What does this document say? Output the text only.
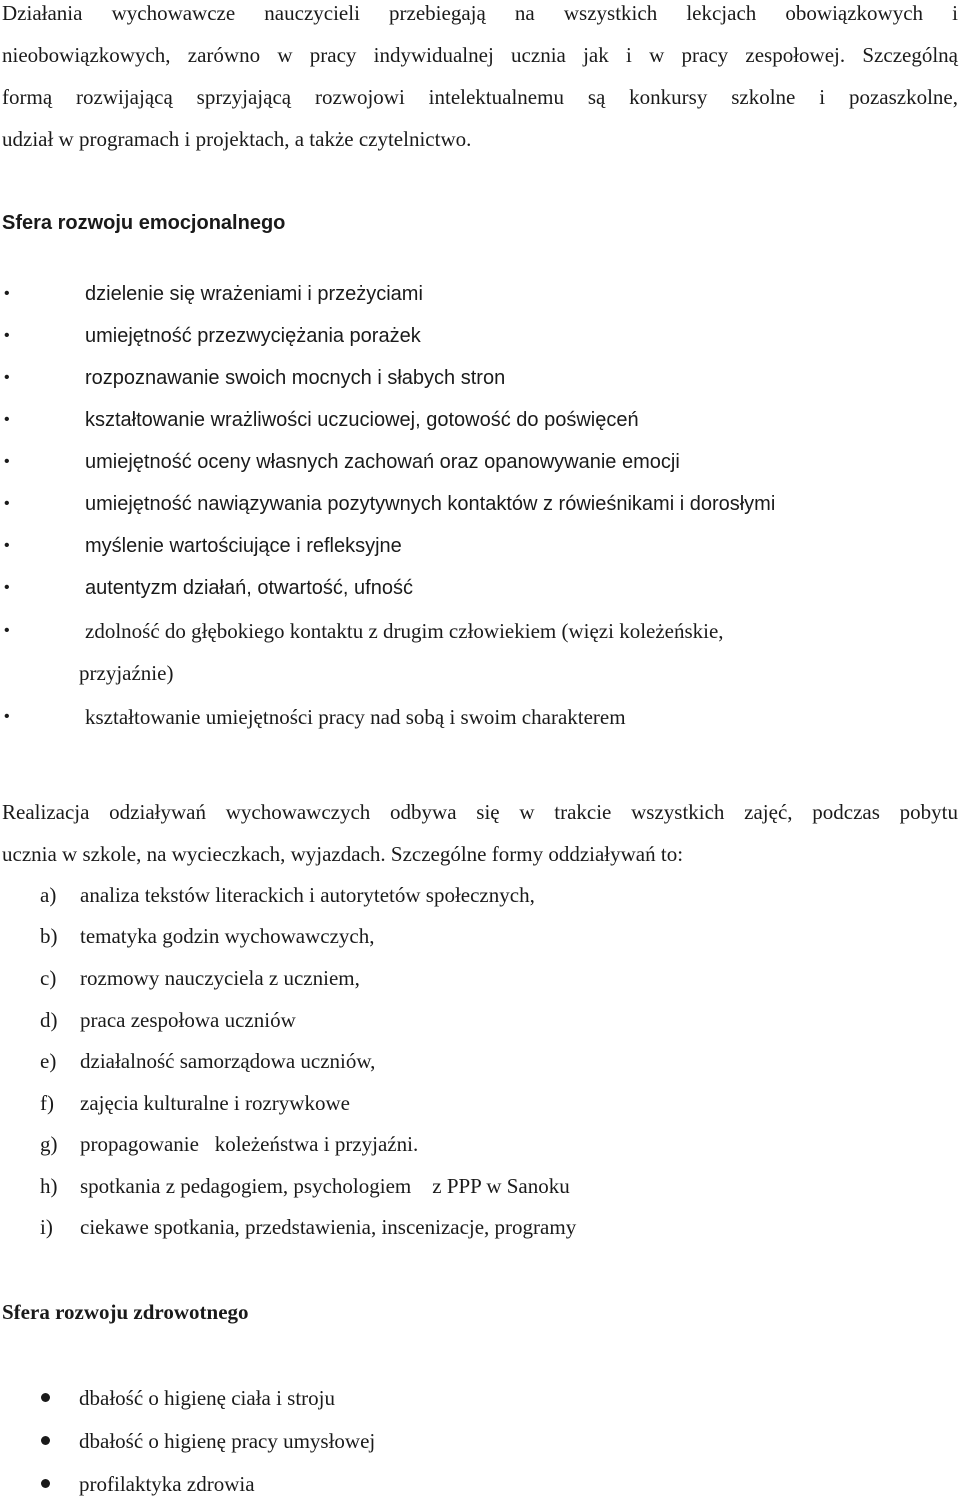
Działania wychowawcze nauczycieli przebiegają na wszystkich lekcjach obowiązkowych i
nieobowiązkowych, zarówno w pracy indywidualnej ucznia jak i w pracy zespołowej. Szczególną
formą rozwijającą sprzyjającą rozwojowi intelektualnemu są konkursy szkolne i pozaszkolne,
udział w programach i projektach, a także czytelnictwo.
Sfera rozwoju emocjonalnego
•	dzielenie się wrażeniami i przeżyciami
•	umiejętność przezwyciężania porażek
•	rozpoznawanie swoich mocnych i słabych stron
•	kształtowanie wrażliwości uczuciowej, gotowość do poświęceń
•	umiejętność oceny własnych zachowań oraz opanowywanie emocji
•	umiejętność nawiązywania pozytywnych kontaktów z rówieśnikami i dorosłymi
•	myślenie wartościujące i refleksyjne
•	autentyzm działań, otwartość, ufność
•	zdolność do głębokiego kontaktu z drugim człowiekiem (więzi koleżeńskie,
przyjaźnie)
•	kształtowanie umiejętności pracy nad sobą i swoim charakterem
Realizacja odziaływań wychowawczych odbywa się w trakcie wszystkich zajęć, podczas pobytu
ucznia w szkole, na wycieczkach, wyjazdach. Szczególne formy oddziaływań to:
a) analiza tekstów literackich i autorytetów społecznych,
b) tematyka godzin wychowawczych,
c) rozmowy nauczyciela z uczniem,
d) praca zespołowa uczniów
e) działalność samorządowa uczniów,
f) zajęcia kulturalne i rozrywkowe
g) propagowanie   koleżeństwa i przyjaźni.
h) spotkania z pedagogiem, psychologiem    z PPP w Sanoku
i) ciekawe spotkania, przedstawienia, inscenizacje, programy
Sfera rozwoju zdrowotnego
dbałość o higienę ciała i stroju
dbałość o higienę pracy umysłowej
profilaktyka zdrowia
